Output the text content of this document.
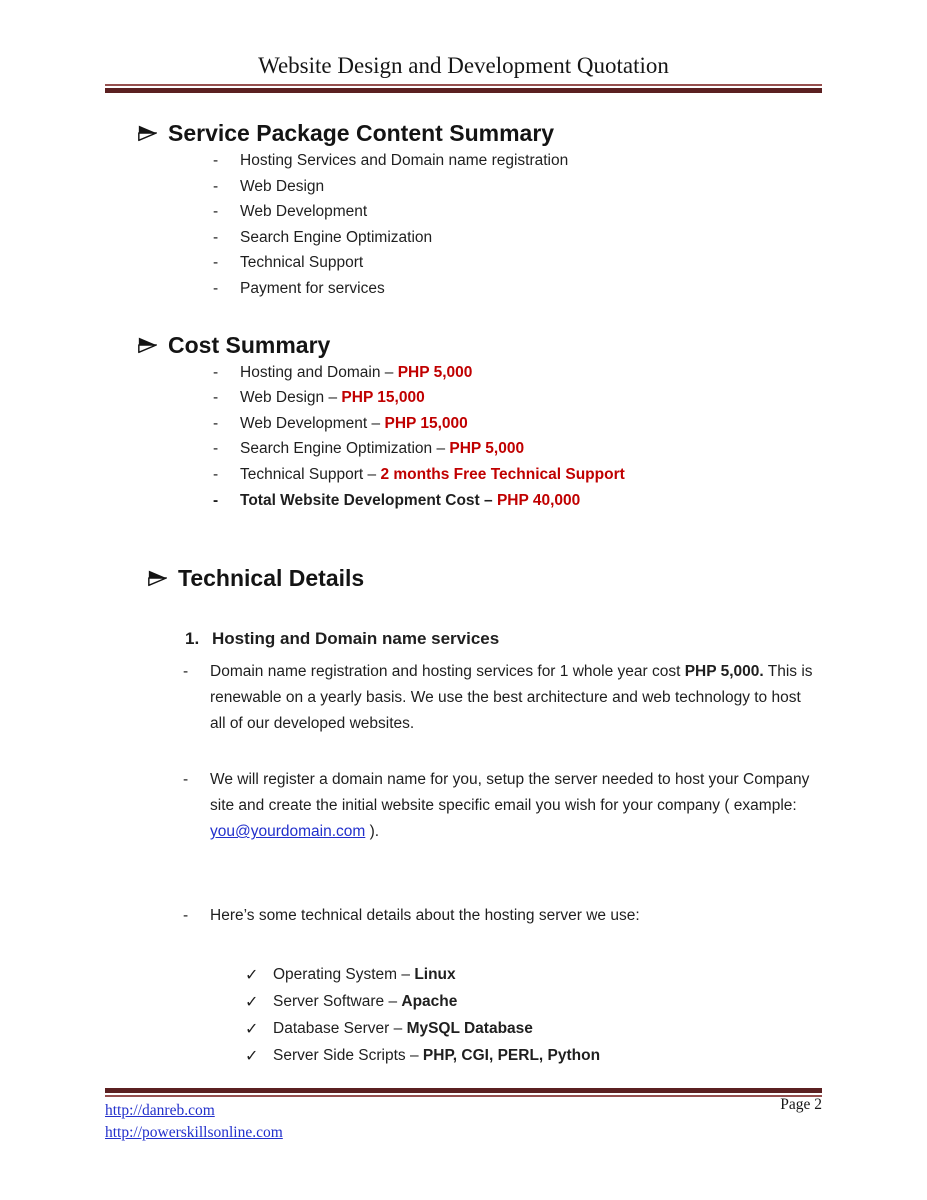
Website Design and Development Quotation
Service Package Content Summary
- Hosting Services and Domain name registration
- Web Design
- Web Development
- Search Engine Optimization
- Technical Support
- Payment for services
Cost Summary
- Hosting and Domain – PHP 5,000
- Web Design – PHP 15,000
- Web Development – PHP 15,000
- Search Engine Optimization – PHP 5,000
- Technical Support – 2 months Free Technical Support
- Total Website Development Cost – PHP 40,000
Technical Details
1. Hosting and Domain name services
- Domain name registration and hosting services for 1 whole year cost PHP 5,000. This is renewable on a yearly basis. We use the best architecture and web technology to host all of our developed websites.
- We will register a domain name for you, setup the server needed to host your Company site and create the initial website specific email you wish for your company ( example: you@yourdomain.com ).
- Here’s some technical details about the hosting server we use:
✓ Operating System – Linux
✓ Server Software – Apache
✓ Database Server – MySQL Database
✓ Server Side Scripts – PHP, CGI, PERL, Python
http://danreb.com
http://powerskillsonline.com
Page 2
